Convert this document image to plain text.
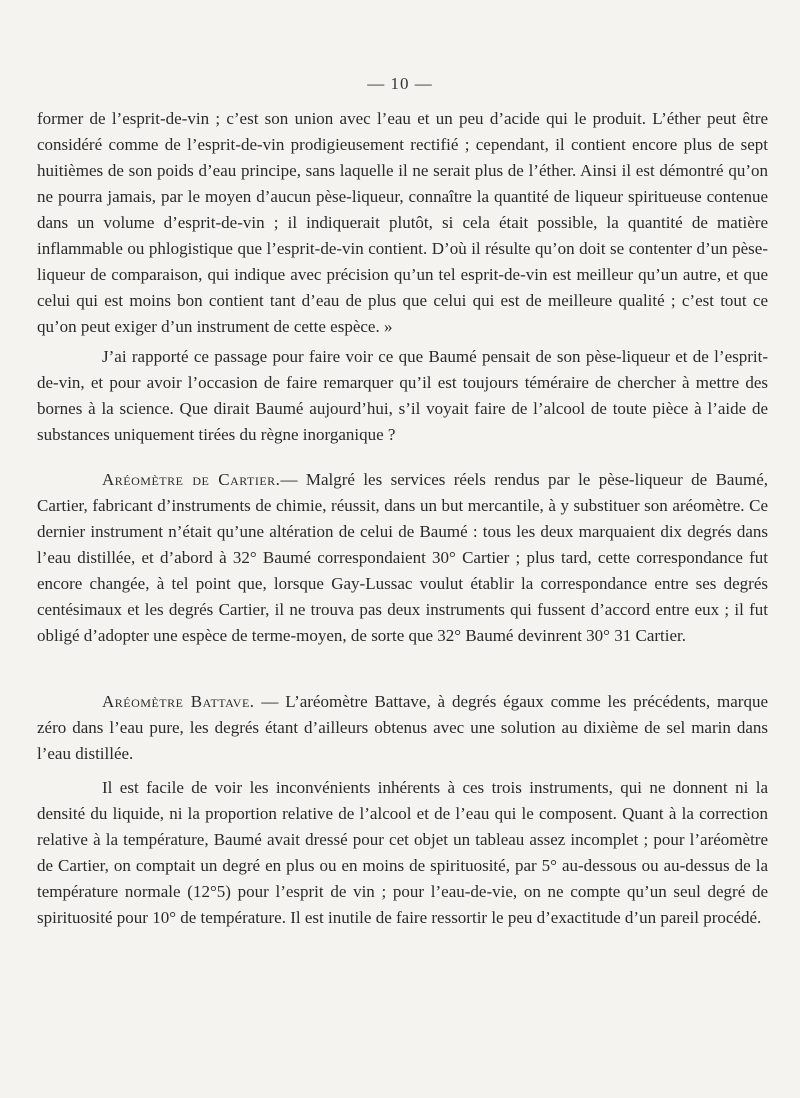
— 10 —

former de l’esprit-de-vin ; c’est son union avec l’eau et un peu d’acide qui le produit. L’éther peut être considéré comme de l’esprit-de-vin prodigieusement rectifié ; cependant, il contient encore plus de sept huitièmes de son poids d’eau principe, sans laquelle il ne serait plus de l’éther. Ainsi il est démontré qu’on ne pourra jamais, par le moyen d’aucun pèse-liqueur, connaître la quantité de liqueur spiritueuse contenue dans un volume d’esprit-de-vin ; il indiquerait plutôt, si cela était possible, la quantité de matière inflammable ou phlogistique que l’esprit-de-vin contient. D’où il résulte qu’on doit se contenter d’un pèse-liqueur de comparaison, qui indique avec précision qu’un tel esprit-de-vin est meilleur qu’un autre, et que celui qui est moins bon contient tant d’eau de plus que celui qui est de meilleure qualité ; c’est tout ce qu’on peut exiger d’un instrument de cette espèce. »

J’ai rapporté ce passage pour faire voir ce que Baumé pensait de son pèse-liqueur et de l’esprit-de-vin, et pour avoir l’occasion de faire remarquer qu’il est toujours téméraire de chercher à mettre des bornes à la science. Que dirait Baumé aujourd’hui, s’il voyait faire de l’alcool de toute pièce à l’aide de substances uniquement tirées du règne inorganique ?

Aréomètre de Cartier.— Malgré les services réels rendus par le pèse-liqueur de Baumé, Cartier, fabricant d’instruments de chimie, réussit, dans un but mercantile, à y substituer son aréomètre. Ce dernier instrument n’était qu’une altération de celui de Baumé : tous les deux marquaient dix degrés dans l’eau distillée, et d’abord à 32° Baumé correspondaient 30° Cartier ; plus tard, cette correspondance fut encore changée, à tel point que, lorsque Gay-Lussac voulut établir la correspondance entre ses degrés centésimaux et les degrés Cartier, il ne trouva pas deux instruments qui fussent d’accord entre eux ; il fut obligé d’adopter une espèce de terme-moyen, de sorte que 32° Baumé devinrent 30° 31 Cartier.

Aréomètre Battave. — L’aréomètre Battave, à degrés égaux comme les précédents, marque zéro dans l’eau pure, les degrés étant d’ailleurs obtenus avec une solution au dixième de sel marin dans l’eau distillée.

Il est facile de voir les inconvénients inhérents à ces trois instruments, qui ne donnent ni la densité du liquide, ni la proportion relative de l’alcool et de l’eau qui le composent. Quant à la correction relative à la température, Baumé avait dressé pour cet objet un tableau assez incomplet ; pour l’aréomètre de Cartier, on comptait un degré en plus ou en moins de spirituosité, par 5° au-dessous ou au-dessus de la température normale (12°5) pour l’esprit de vin ; pour l’eau-de-vie, on ne compte qu’un seul degré de spirituosité pour 10° de température. Il est inutile de faire ressortir le peu d’exactitude d’un pareil procédé.
